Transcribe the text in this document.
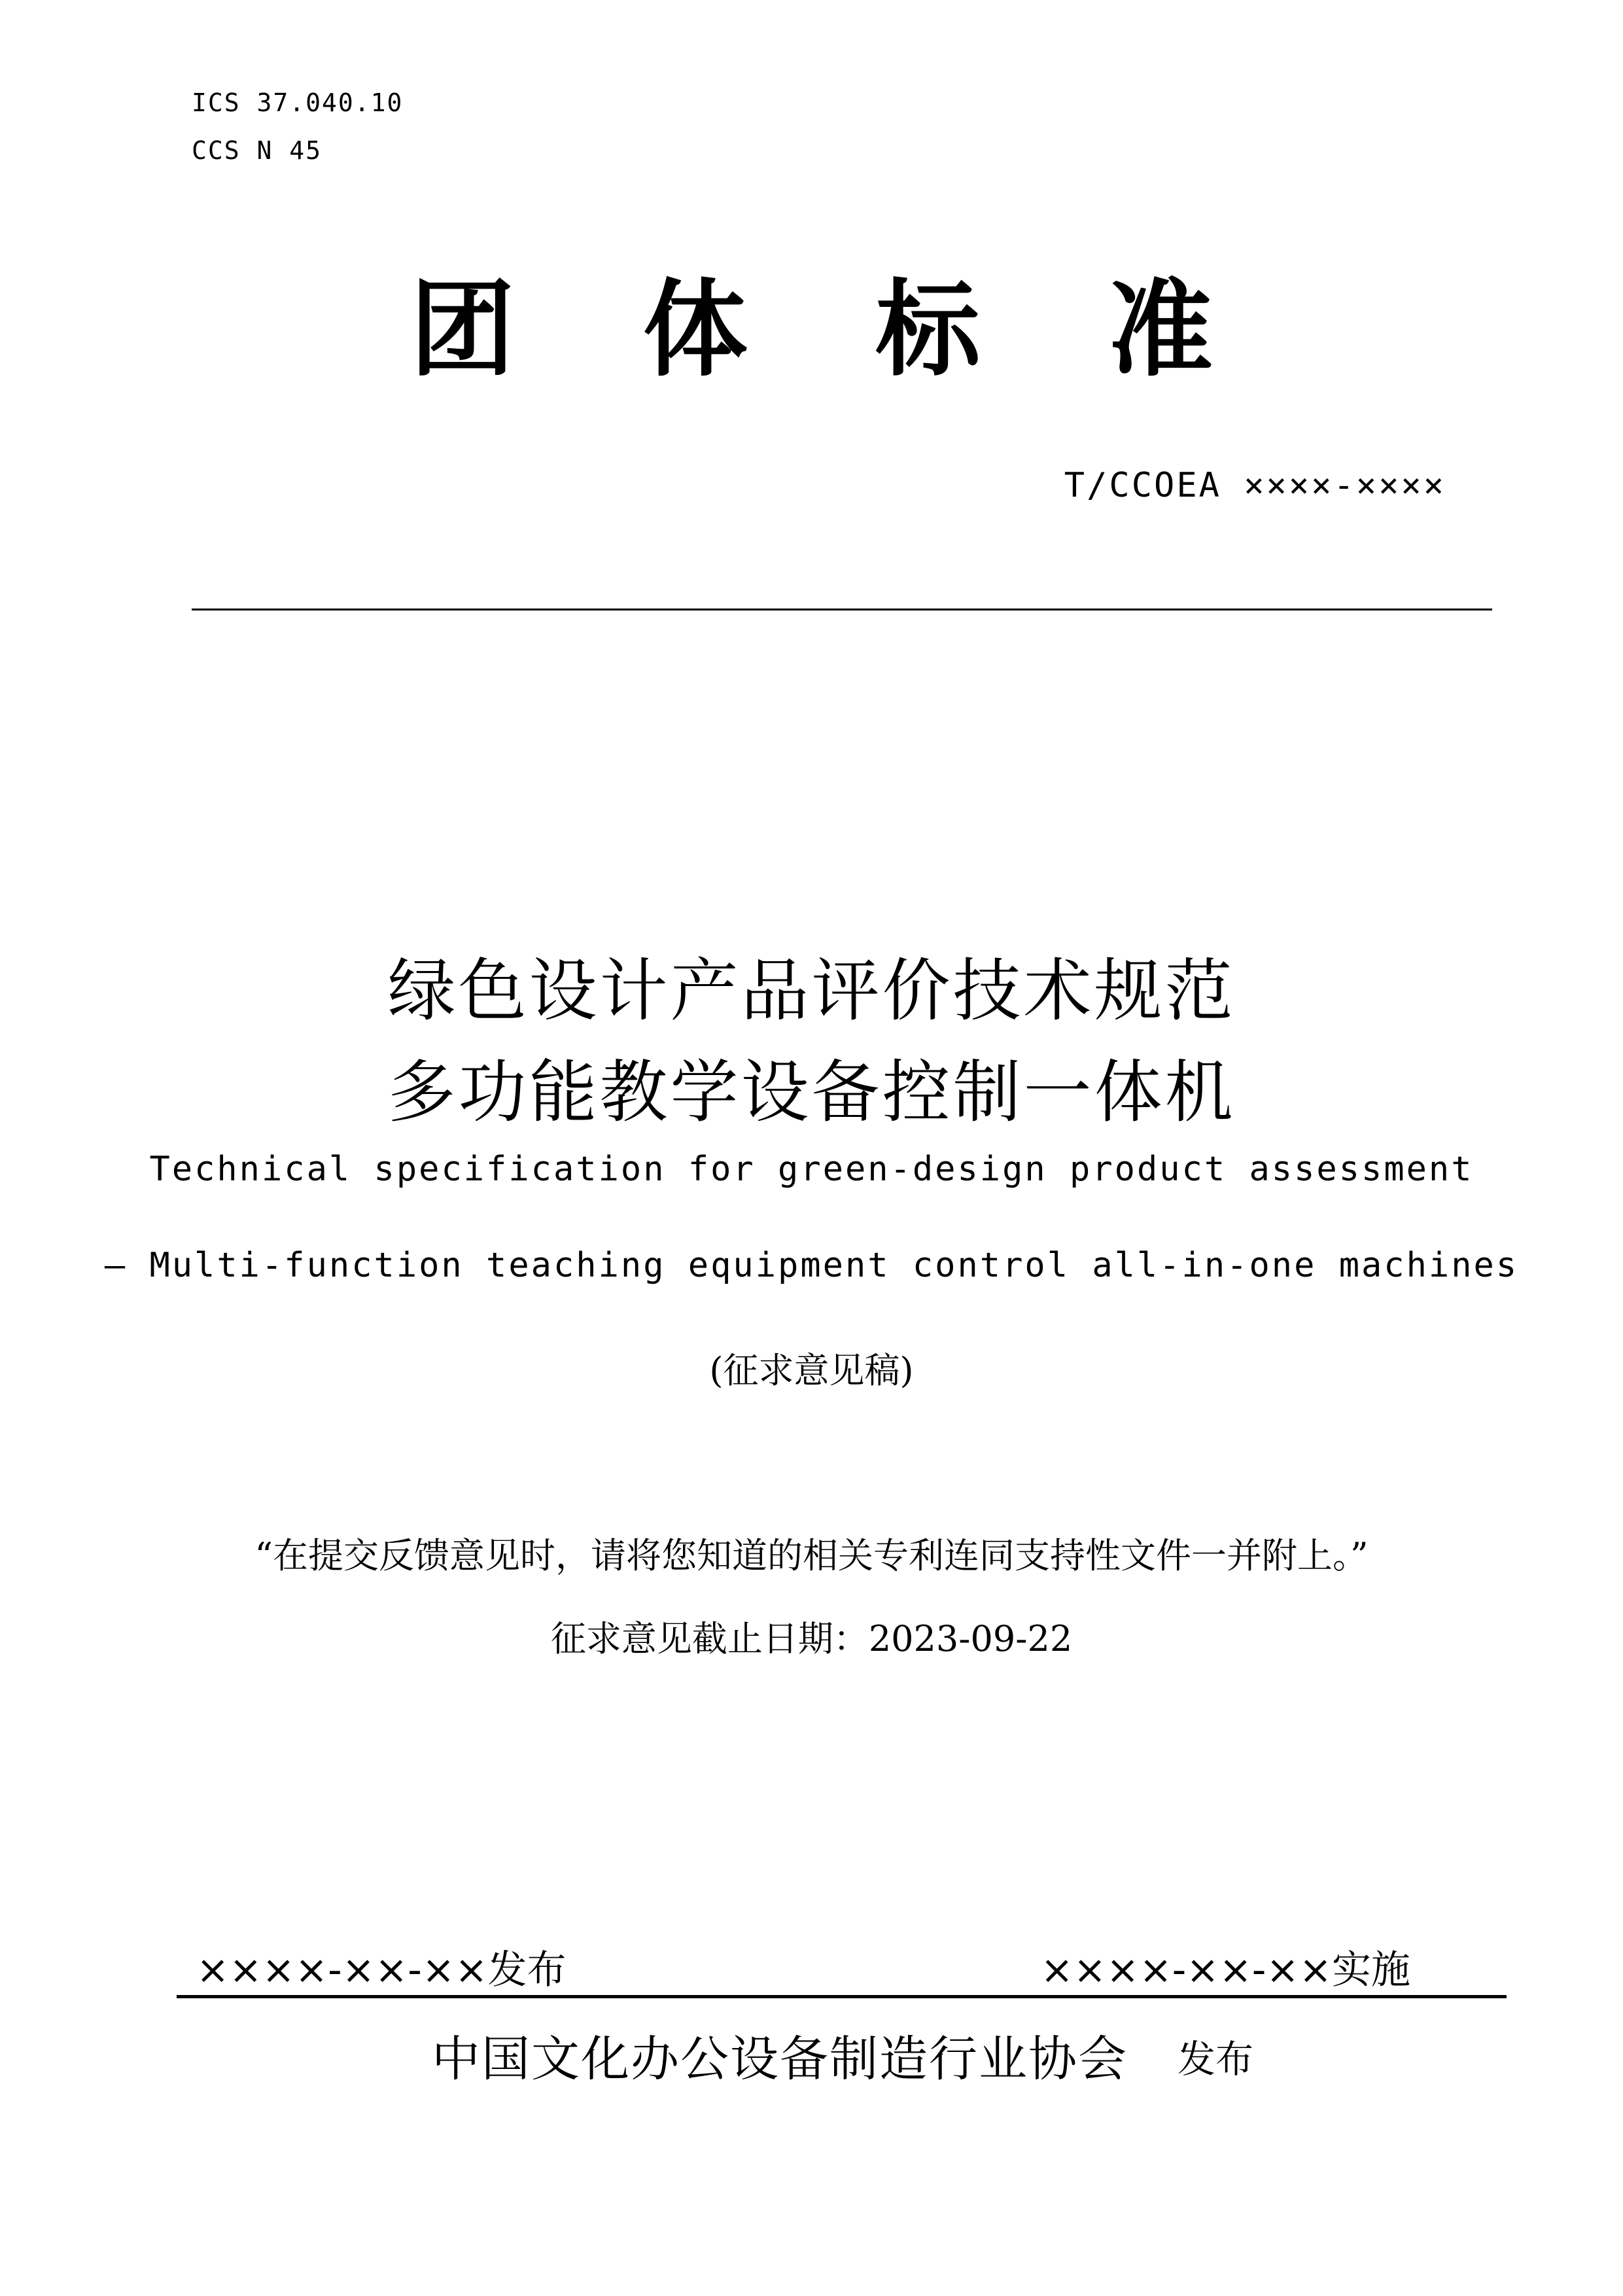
ICS 37.040.10
CCS N 45
团 体 标 准
T/CCOEA ××××-××××
绿色设计产品评价技术规范
多功能教学设备控制一体机
Technical specification for green-design product assessment
— Multi-function teaching equipment control all-in-one machines
(征求意见稿)
“在提交反馈意见时，请将您知道的相关专利连同支持性文件一并附上。”
征求意见截止日期：2023-09-22
××××-××-××发布	××××-××-××实施
中国文化办公设备制造行业协会 发布
